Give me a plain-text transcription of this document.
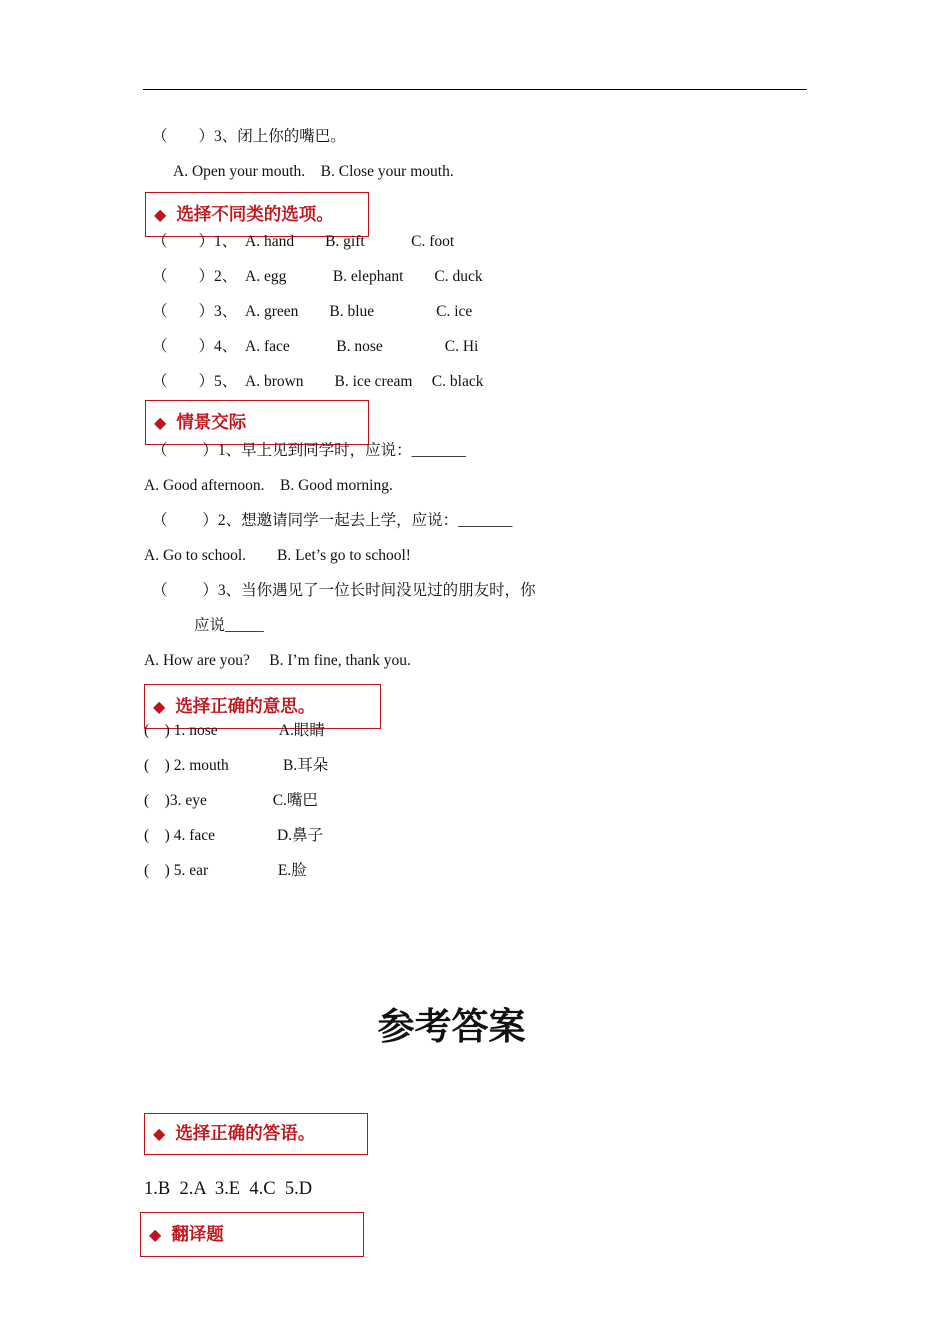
（　　）3、闭上你的嘴巴。
A. Open your mouth.    B. Close your mouth.
◆ 选择不同类的选项。
（　　）1、　A. hand　　B. gift　　　C. foot
（　　）2、　A. egg　　　B. elephant　　C. duck
（　　）3、　A. green　　B. blue　　　　C. ice
（　　）4、　A. face　　　B. nose　　　　C. Hi
（　　）5、　A. brown　　B. ice cream　 C. black
◆ 情景交际
（　　 ）1、早上见到同学时，应说：_______
A. Good afternoon.    B. Good morning.
（　　 ）2、想邀请同学一起去上学，应说：_______
A. Go to school.        B. Let’s go to school!
（　　 ）3、当你遇见了一位长时间没见过的朋友时，你
应说_____
A. How are you?     B. I’m fine, thank you.
◆ 选择正确的意思。
(    ) 1. nose                A.眼睛
(    ) 2. mouth              B.耳朵
(    )3. eye                 C.嘴巴
(    ) 4. face                D.鼻子
(    ) 5. ear                  E.脸
参考答案
◆ 选择正确的答语。
1.B  2.A  3.E  4.C  5.D
◆ 翻译题
